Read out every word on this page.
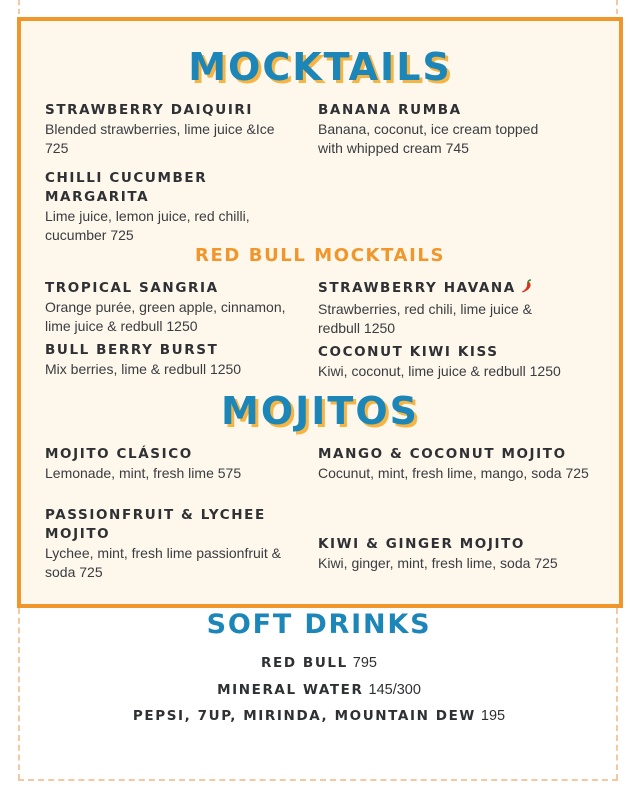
MOCKTAILS
STRAWBERRY DAIQUIRI
Blended strawberries, lime juice &Ice 725
BANANA RUMBA
Banana, coconut, ice cream topped with whipped cream 745
CHILLI CUCUMBER MARGARITA
Lime juice, lemon juice, red chilli, cucumber 725
RED BULL MOCKTAILS
TROPICAL SANGRIA
Orange purée, green apple, cinnamon, lime juice & redbull 1250
STRAWBERRY HAVANA
Strawberries, red chili, lime juice & redbull 1250
BULL BERRY BURST
Mix berries, lime & redbull 1250
COCONUT KIWI KISS
Kiwi, coconut, lime juice & redbull 1250
MOJITOS
MOJITO CLÁSICO
Lemonade, mint, fresh lime 575
MANGO & COCONUT MOJITO
Cocunut, mint, fresh lime, mango, soda 725
PASSIONFRUIT & LYCHEE MOJITO
Lychee, mint, fresh lime passionfruit & soda 725
KIWI & GINGER MOJITO
Kiwi, ginger, mint, fresh lime, soda 725
SOFT DRINKS
RED BULL 795
MINERAL WATER 145/300
PEPSI, 7UP, MIRINDA, MOUNTAIN DEW 195
